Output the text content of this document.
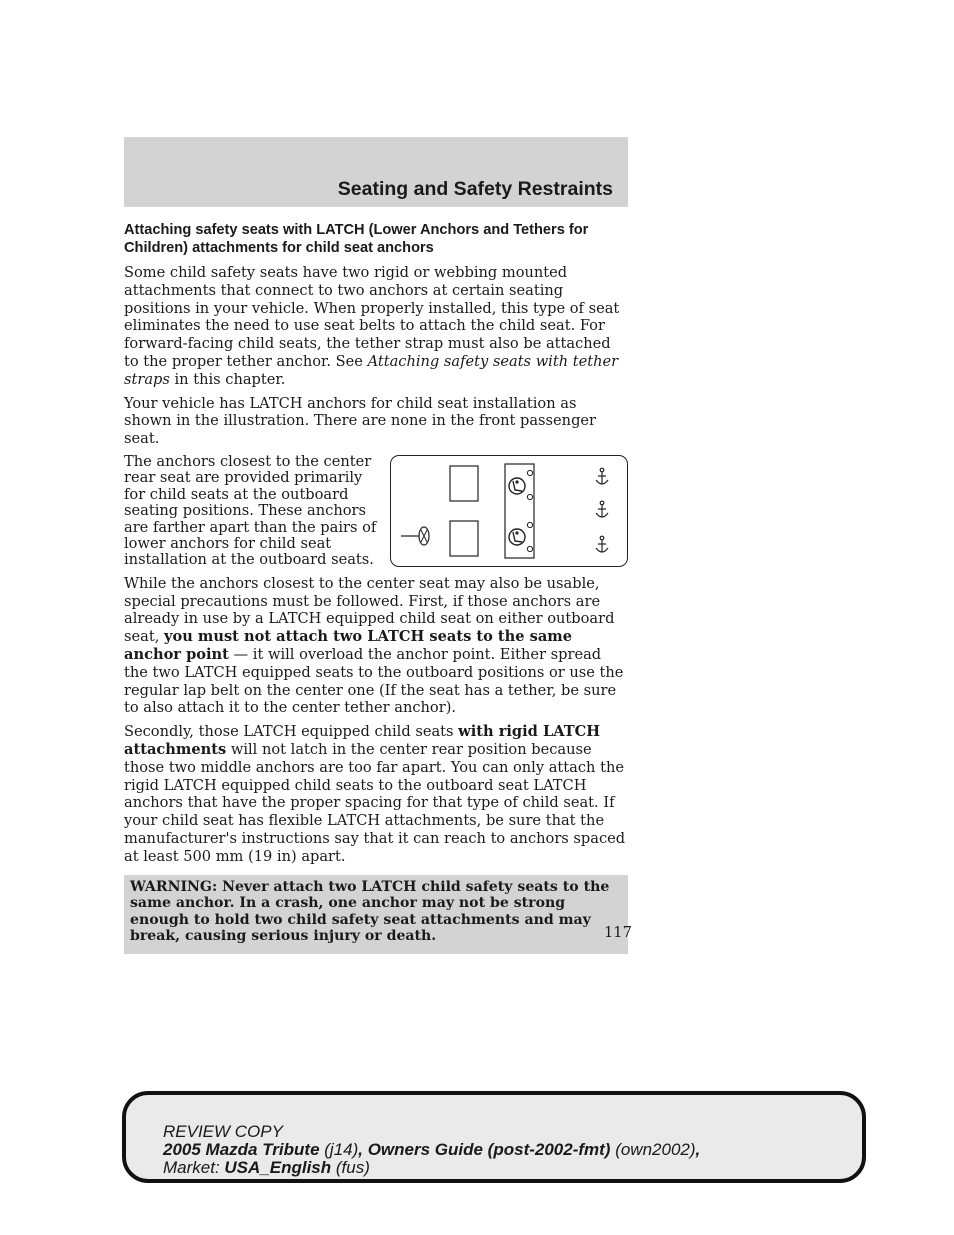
Seating and Safety Restraints
Attaching safety seats with LATCH (Lower Anchors and Tethers for Children) attachments for child seat anchors

Some child safety seats have two rigid or webbing mounted attachments that connect to two anchors at certain seating positions in your vehicle. When properly installed, this type of seat eliminates the need to use seat belts to attach the child seat. For forward-facing child seats, the tether strap must also be attached to the proper tether anchor. See Attaching safety seats with tether straps in this chapter.

Your vehicle has LATCH anchors for child seat installation as shown in the illustration. There are none in the front passenger seat.

The anchors closest to the center rear seat are provided primarily for child seats at the outboard seating positions. These anchors are farther apart than the pairs of lower anchors for child seat installation at the outboard seats.

While the anchors closest to the center seat may also be usable, special precautions must be followed. First, if those anchors are already in use by a LATCH equipped child seat on either outboard seat, you must not attach two LATCH seats to the same anchor point — it will overload the anchor point. Either spread the two LATCH equipped seats to the outboard positions or use the regular lap belt on the center one (If the seat has a tether, be sure to also attach it to the center tether anchor).

Secondly, those LATCH equipped child seats with rigid LATCH attachments will not latch in the center rear position because those two middle anchors are too far apart. You can only attach the rigid LATCH equipped child seats to the outboard seat LATCH anchors that have the proper spacing for that type of child seat. If your child seat has flexible LATCH attachments, be sure that the manufacturer's instructions say that it can reach to anchors spaced at least 500 mm (19 in) apart.

WARNING: Never attach two LATCH child safety seats to the same anchor. In a crash, one anchor may not be strong enough to hold two child safety seat attachments and may break, causing serious injury or death.	117
REVIEW COPY
2005 Mazda Tribute (j14), Owners Guide (post-2002-fmt) (own2002),
Market: USA_English (fus)
